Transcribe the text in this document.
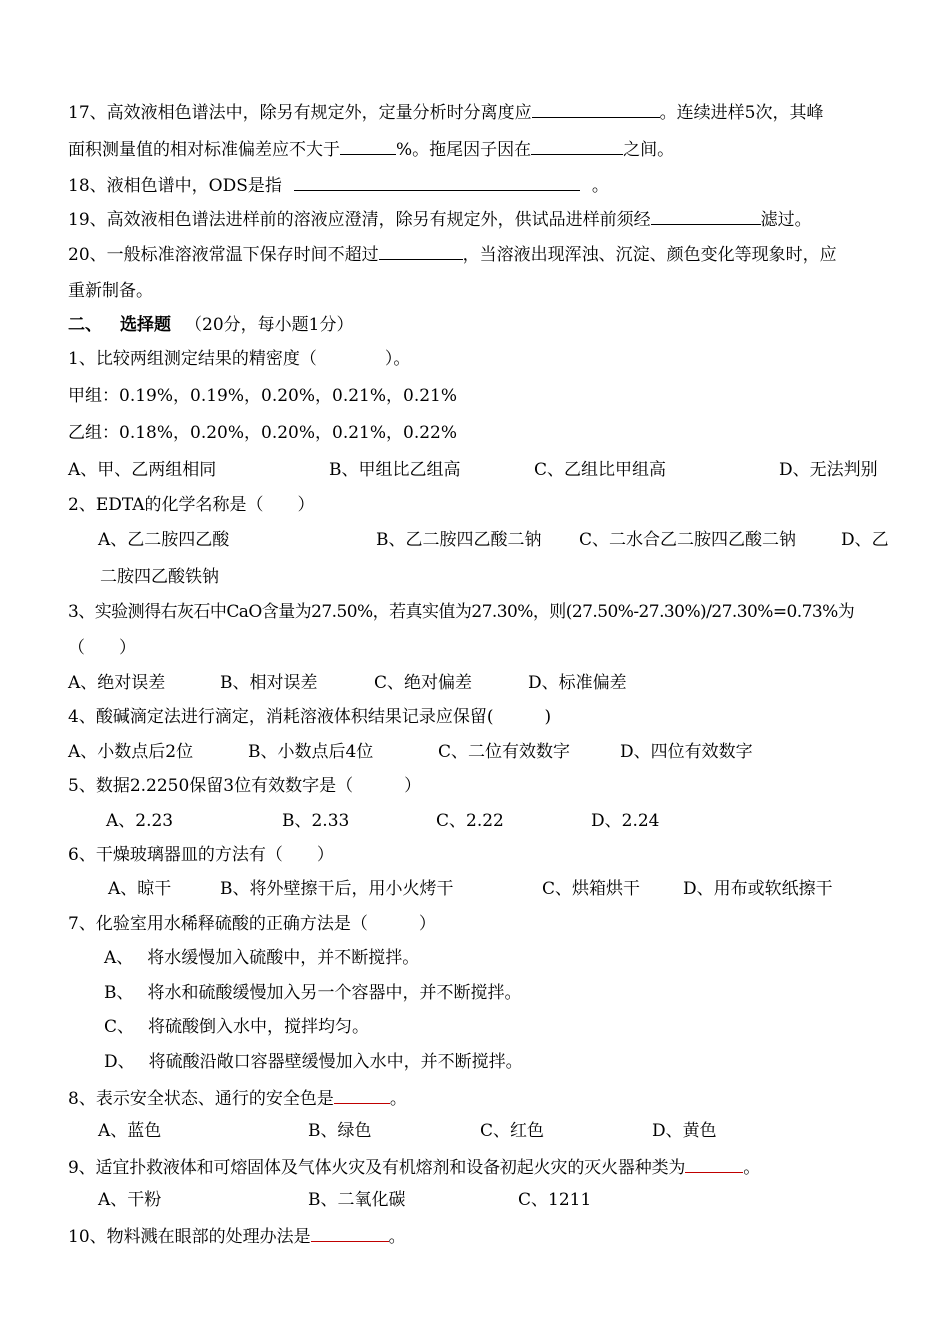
17、高效液相色谱法中，除另有规定外，定量分析时分离度应	。连续进样5次，其峰
面积测量值的相对标准偏差应不大于	%。拖尾因子因在	之间。
18、液相色谱中，ODS是指	。
19、高效液相色谱法进样前的溶液应澄清，除另有规定外，供试品进样前须经	滤过。
20、一般标准溶液常温下保存时间不超过	，当溶液出现浑浊、沉淀、颜色变化等现象时，应
重新制备。
二、 选择题 （20分，每小题1分）
1、比较两组测定结果的精密度（　　　　）。
甲组：0.19%，0.19%，0.20%，0.21%，0.21%
乙组：0.18%，0.20%，0.20%，0.21%，0.22%
A、甲、乙两组相同	B、甲组比乙组高	C、乙组比甲组高	D、无法判别
2、EDTA的化学名称是（　　）
A、乙二胺四乙酸	B、乙二胺四乙酸二钠 C、二水合乙二胺四乙酸二钠	D、乙
二胺四乙酸铁钠
3、实验测得右灰石中CaO含量为27.50%，若真实值为27.30%，则(27.50%-27.30%)/27.30%=0.73%为
（　　）
A、绝对误差	B、相对误差	C、绝对偏差	D、标准偏差
4、酸碱滴定法进行滴定，消耗溶液体积结果记录应保留(　　　)
A、小数点后2位	B、小数点后4位	C、二位有效数字	D、四位有效数字
5、数据2.2250保留3位有效数字是（　　　）
A、2.23	B、2.33	C、2.22	D、2.24
6、干燥玻璃器皿的方法有（　　）
A、晾干	B、将外壁擦干后，用小火烤干	C、烘箱烘干	D、用布或软纸擦干
7、化验室用水稀释硫酸的正确方法是（　　　）
A、 将水缓慢加入硫酸中，并不断搅拌。
B、 将水和硫酸缓慢加入另一个容器中，并不断搅拌。
C、 将硫酸倒入水中，搅拌均匀。
D、 将硫酸沿敞口容器壁缓慢加入水中，并不断搅拌。
8、表示安全状态、通行的安全色是	。
A、蓝色	B、绿色	C、红色	D、黄色
9、适宜扑救液体和可熔固体及气体火灾及有机熔剂和设备初起火灾的灭火器种类为	。
A、干粉	B、二氧化碳	C、1211
10、物料溅在眼部的处理办法是	。
